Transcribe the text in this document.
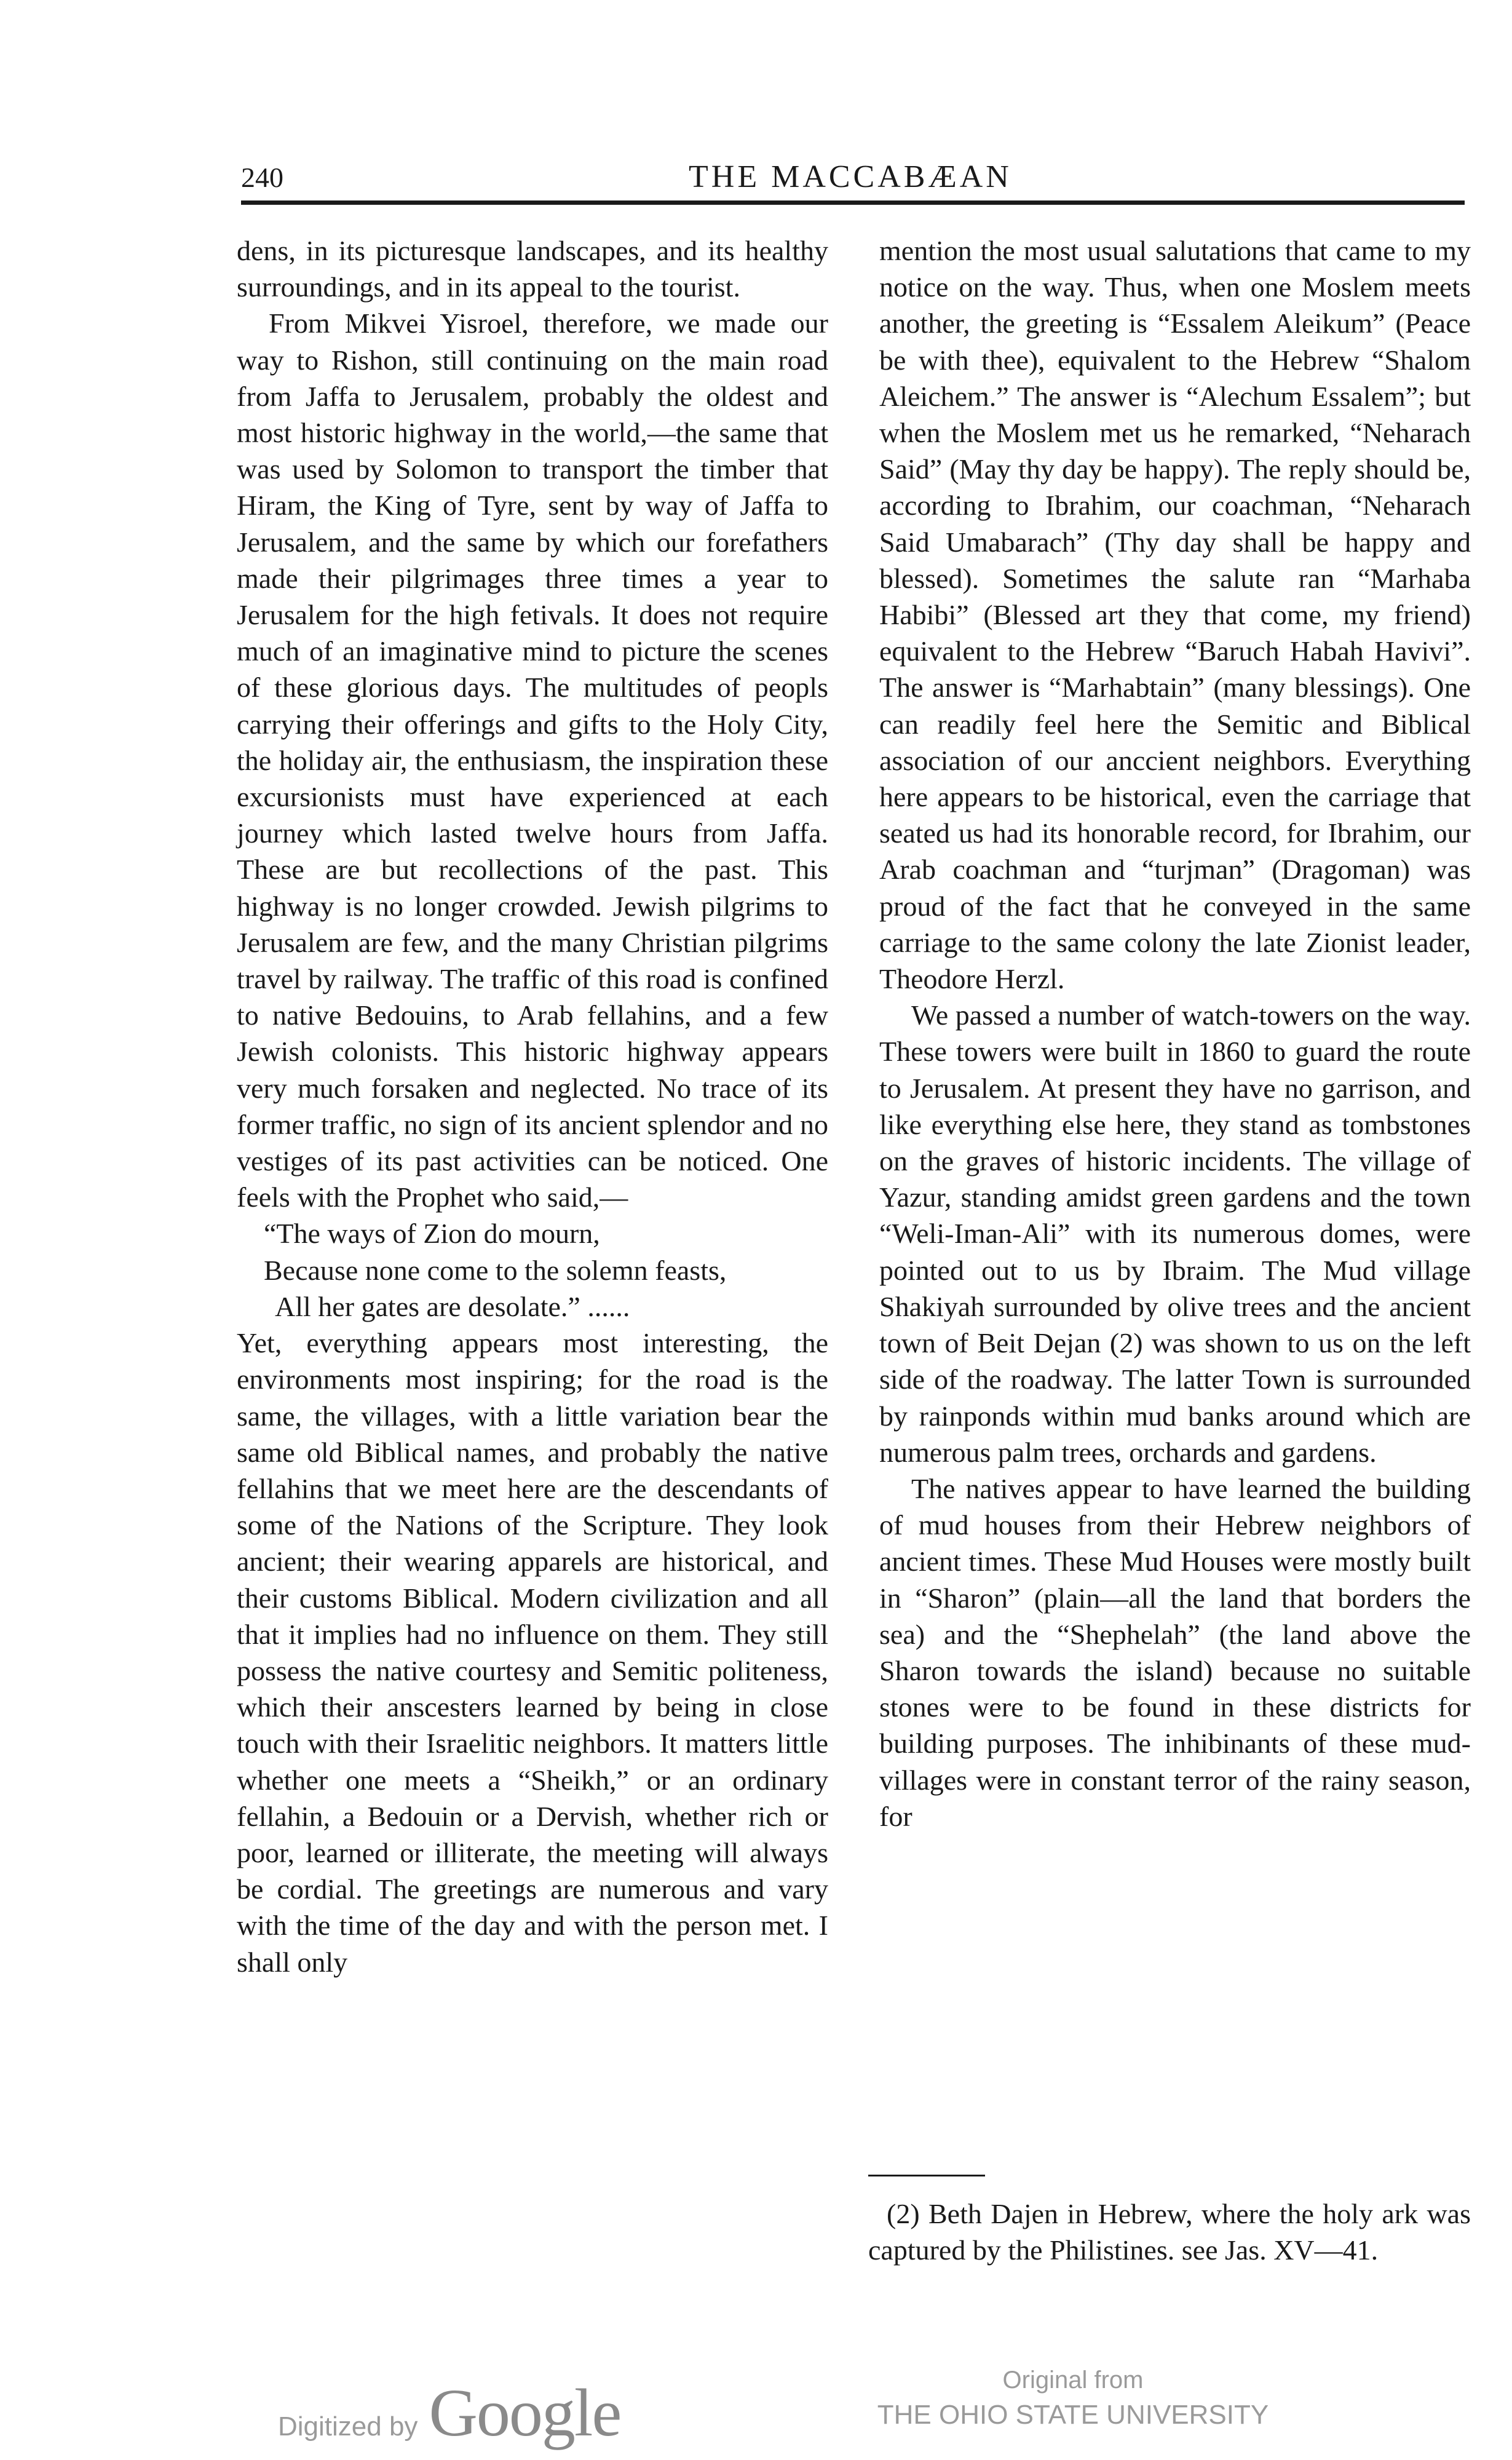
240	THE MACCABÆAN

dens, in its picturesque landscapes, and its healthy surroundings, and in its appeal to the tourist.

From Mikvei Yisroel, therefore, we made our way to Rishon, still continuing on the main road from Jaffa to Jerusalem, probably the oldest and most historic highway in the world,—the same that was used by Solomon to transport the timber that Hiram, the King of Tyre, sent by way of Jaffa to Jerusalem, and the same by which our forefathers made their pilgrimages three times a year to Jerusalem for the high fetivals. It does not require much of an imaginative mind to picture the scenes of these glorious days. The multitudes of peopls carrying their offerings and gifts to the Holy City, the holiday air, the enthusiasm, the inspiration these excursionists must have experienced at each journey which lasted twelve hours from Jaffa. These are but recollections of the past. This highway is no longer crowded. Jewish pilgrims to Jerusalem are few, and the many Christian pilgrims travel by railway. The traffic of this road is confined to native Bedouins, to Arab fellahins, and a few Jewish colonists. This historic highway appears very much forsaken and neglected. No trace of its former traffic, no sign of its ancient splendor and no vestiges of its past activities can be noticed. One feels with the Prophet who said,—

“The ways of Zion do mourn,
Because none come to the solemn feasts,
All her gates are desolate.” ......

Yet, everything appears most interesting, the environments most inspiring; for the road is the same, the villages, with a little variation bear the same old Biblical names, and probably the native fellahins that we meet here are the descendants of some of the Nations of the Scripture. They look ancient; their wearing apparels are historical, and their customs Biblical. Modern civilization and all that it implies had no influence on them. They still possess the native courtesy and Semitic politeness, which their anscesters learned by being in close touch with their Israelitic neighbors. It matters little whether one meets a “Sheikh,” or an ordinary fellahin, a Bedouin or a Dervish, whether rich or poor, learned or illiterate, the meeting will always be cordial. The greetings are numerous and vary with the time of the day and with the person met. I shall only

mention the most usual salutations that came to my notice on the way. Thus, when one Moslem meets another, the greeting is “Essalem Aleikum” (Peace be with thee), equivalent to the Hebrew “Shalom Aleichem.” The answer is “Alechum Essalem”; but when the Moslem met us he remarked, “Neharach Said” (May thy day be happy). The reply should be, according to Ibrahim, our coachman, “Neharach Said Umabarach” (Thy day shall be happy and blessed). Sometimes the salute ran “Marhaba Habibi” (Blessed art they that come, my friend) equivalent to the Hebrew “Baruch Habah Havivi”. The answer is “Marhabtain” (many blessings). One can readily feel here the Semitic and Biblical association of our anccient neighbors. Everything here appears to be historical, even the carriage that seated us had its honorable record, for Ibrahim, our Arab coachman and “turjman” (Dragoman) was proud of the fact that he conveyed in the same carriage to the same colony the late Zionist leader, Theodore Herzl.

We passed a number of watch-towers on the way. These towers were built in 1860 to guard the route to Jerusalem. At present they have no garrison, and like everything else here, they stand as tombstones on the graves of historic incidents. The village of Yazur, standing amidst green gardens and the town “Weli-Iman-Ali” with its numerous domes, were pointed out to us by Ibraim. The Mud village Shakiyah surrounded by olive trees and the ancient town of Beit Dejan (2) was shown to us on the left side of the roadway. The latter Town is surrounded by rainponds within mud banks around which are numerous palm trees, orchards and gardens.

The natives appear to have learned the building of mud houses from their Hebrew neighbors of ancient times. These Mud Houses were mostly built in “Sharon” (plain—all the land that borders the sea) and the “Shephelah” (the land above the Sharon towards the island) because no suitable stones were to be found in these districts for building purposes. The inhibinants of these mud-villages were in constant terror of the rainy season, for

(2) Beth Dajen in Hebrew, where the holy ark was captured by the Philistines. see Jas. XV—41.
Digitized by Google	Original from
THE OHIO STATE UNIVERSITY
